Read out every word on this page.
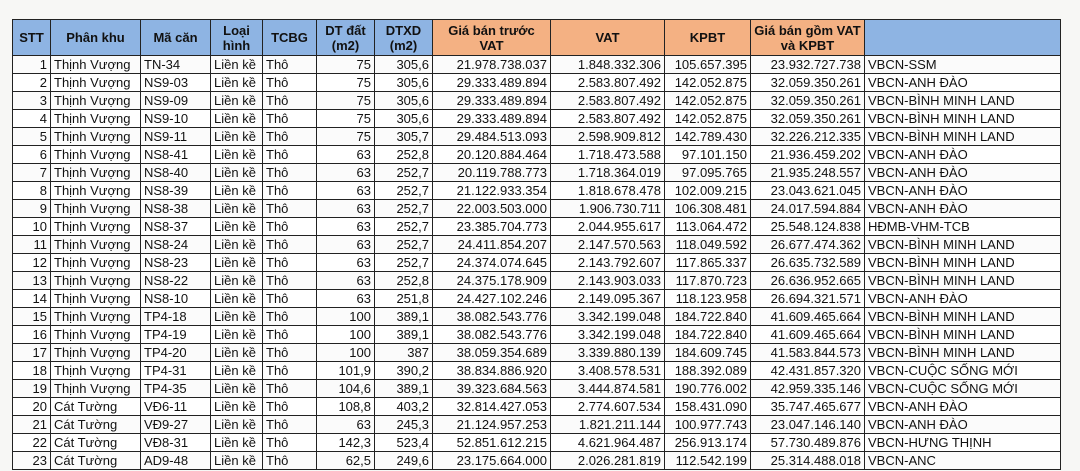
STT	Phân khu	Mã căn	Loại hình	TCBG	DT đất (m2)	DTXD (m2)	Giá bán trước VAT	VAT	KPBT	Giá bán gồm VAT và KPBT	
1	Thịnh Vượng	TN-34	Liền kề	Thô	75	305,6	21.978.738.037	1.848.332.306	105.657.395	23.932.727.738	VBCN-SSM
2	Thịnh Vượng	NS9-03	Liền kề	Thô	75	305,6	29.333.489.894	2.583.807.492	142.052.875	32.059.350.261	VBCN-ANH ĐÀO
3	Thịnh Vượng	NS9-09	Liền kề	Thô	75	305,6	29.333.489.894	2.583.807.492	142.052.875	32.059.350.261	VBCN-BÌNH MINH LAND
4	Thịnh Vượng	NS9-10	Liền kề	Thô	75	305,6	29.333.489.894	2.583.807.492	142.052.875	32.059.350.261	VBCN-BÌNH MINH LAND
5	Thịnh Vượng	NS9-11	Liền kề	Thô	75	305,7	29.484.513.093	2.598.909.812	142.789.430	32.226.212.335	VBCN-BÌNH MINH LAND
6	Thịnh Vượng	NS8-41	Liền kề	Thô	63	252,8	20.120.884.464	1.718.473.588	97.101.150	21.936.459.202	VBCN-ANH ĐÀO
7	Thịnh Vượng	NS8-40	Liền kề	Thô	63	252,7	20.119.788.773	1.718.364.019	97.095.765	21.935.248.557	VBCN-ANH ĐÀO
8	Thịnh Vượng	NS8-39	Liền kề	Thô	63	252,7	21.122.933.354	1.818.678.478	102.009.215	23.043.621.045	VBCN-ANH ĐÀO
9	Thịnh Vượng	NS8-38	Liền kề	Thô	63	252,7	22.003.503.000	1.906.730.711	106.308.481	24.017.594.884	VBCN-ANH ĐÀO
10	Thịnh Vượng	NS8-37	Liền kề	Thô	63	252,7	23.385.704.773	2.044.955.617	113.064.472	25.548.124.838	HĐMB-VHM-TCB
11	Thịnh Vượng	NS8-24	Liền kề	Thô	63	252,7	24.411.854.207	2.147.570.563	118.049.592	26.677.474.362	VBCN-BÌNH MINH LAND
12	Thịnh Vượng	NS8-23	Liền kề	Thô	63	252,7	24.374.074.645	2.143.792.607	117.865.337	26.635.732.589	VBCN-BÌNH MINH LAND
13	Thịnh Vượng	NS8-22	Liền kề	Thô	63	252,8	24.375.178.909	2.143.903.033	117.870.723	26.636.952.665	VBCN-BÌNH MINH LAND
14	Thịnh Vượng	NS8-10	Liền kề	Thô	63	251,8	24.427.102.246	2.149.095.367	118.123.958	26.694.321.571	VBCN-ANH ĐÀO
15	Thịnh Vượng	TP4-18	Liền kề	Thô	100	389,1	38.082.543.776	3.342.199.048	184.722.840	41.609.465.664	VBCN-BÌNH MINH LAND
16	Thịnh Vượng	TP4-19	Liền kề	Thô	100	389,1	38.082.543.776	3.342.199.048	184.722.840	41.609.465.664	VBCN-BÌNH MINH LAND
17	Thịnh Vượng	TP4-20	Liền kề	Thô	100	387	38.059.354.689	3.339.880.139	184.609.745	41.583.844.573	VBCN-BÌNH MINH LAND
18	Thịnh Vượng	TP4-31	Liền kề	Thô	101,9	390,2	38.834.886.920	3.408.578.531	188.392.089	42.431.857.320	VBCN-CUỘC SỐNG MỚI
19	Thịnh Vượng	TP4-35	Liền kề	Thô	104,6	389,1	39.323.684.563	3.444.874.581	190.776.002	42.959.335.146	VBCN-CUỘC SỐNG MỚI
20	Cát Tường	VĐ6-11	Liền kề	Thô	108,8	403,2	32.814.427.053	2.774.607.534	158.431.090	35.747.465.677	VBCN-ANH ĐÀO
21	Cát Tường	VĐ9-27	Liền kề	Thô	63	245,3	21.124.957.253	1.821.211.144	100.977.743	23.047.146.140	VBCN-ANH ĐÀO
22	Cát Tường	VĐ8-31	Liền kề	Thô	142,3	523,4	52.851.612.215	4.621.964.487	256.913.174	57.730.489.876	VBCN-HƯNG THỊNH
23	Cát Tường	AD9-48	Liền kề	Thô	62,5	249,6	23.175.664.000	2.026.281.819	112.542.199	25.314.488.018	VBCN-ANC
